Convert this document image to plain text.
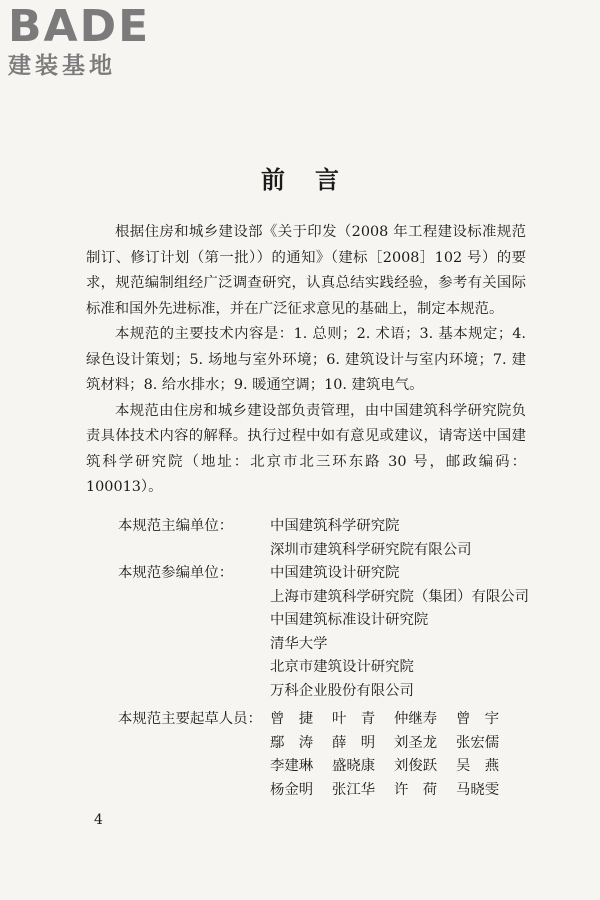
BADE
建装基地
前言

根据住房和城乡建设部《关于印发（2008 年工程建设标准规范制订、修订计划（第一批））的通知》（建标［2008］102 号）的要求，规范编制组经广泛调查研究，认真总结实践经验，参考有关国际标准和国外先进标准，并在广泛征求意见的基础上，制定本规范。

本规范的主要技术内容是：1. 总则；2. 术语；3. 基本规定；4. 绿色设计策划；5. 场地与室外环境；6. 建筑设计与室内环境；7. 建筑材料；8. 给水排水；9. 暖通空调；10. 建筑电气。

本规范由住房和城乡建设部负责管理，由中国建筑科学研究院负责具体技术内容的解释。执行过程中如有意见或建议，请寄送中国建筑科学研究院（地址：北京市北三环东路 30 号，邮政编码：100013）。

本规范主编单位：	中国建筑科学研究院
深圳市建筑科学研究院有限公司
本规范参编单位：	中国建筑设计研究院
上海市建筑科学研究院（集团）有限公司
中国建筑标准设计研究院
清华大学
北京市建筑设计研究院
万科企业股份有限公司
本规范主要起草人员： 曾　捷	叶　青	仲继寿	曾　宇
鄢　涛	薛　明	刘圣龙	张宏儒
李建琳	盛晓康	刘俊跃	吴　燕
杨金明	张江华	许　荷	马晓雯
4
